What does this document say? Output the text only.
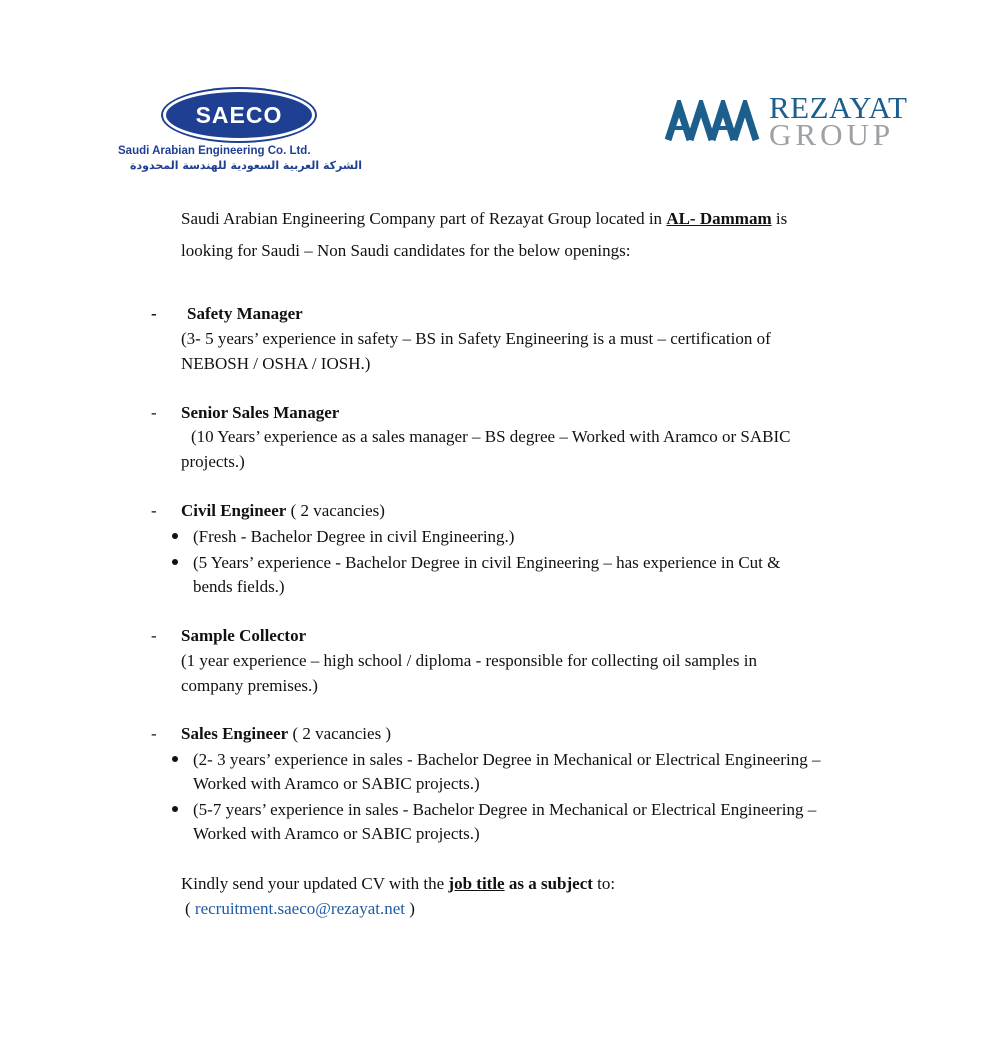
SAECO
Saudi Arabian Engineering Co. Ltd.
الشركة العربية السعودية للهندسة المحدودة
REZAYAT
GROUP
Saudi Arabian Engineering Company part of Rezayat Group located in AL- Dammam is
looking for Saudi – Non Saudi candidates for the below openings:
- Safety Manager
(3- 5 years’ experience in safety – BS in Safety Engineering is a must – certification of
NEBOSH / OSHA / IOSH.)
- Senior Sales Manager
(10 Years’ experience as a sales manager – BS degree – Worked with Aramco or SABIC
projects.)
- Civil Engineer ( 2 vacancies)
(Fresh - Bachelor Degree in civil Engineering.)
(5 Years’ experience - Bachelor Degree in civil Engineering – has experience in Cut &
bends fields.)
- Sample Collector
(1 year experience – high school / diploma - responsible for collecting oil samples in
company premises.)
- Sales Engineer ( 2 vacancies )
(2- 3 years’ experience in sales - Bachelor Degree in Mechanical or Electrical Engineering –
Worked with Aramco or SABIC projects.)
(5-7 years’ experience in sales - Bachelor Degree in Mechanical or Electrical Engineering –
Worked with Aramco or SABIC projects.)
Kindly send your updated CV with the job title as a subject to:
( recruitment.saeco@rezayat.net )
